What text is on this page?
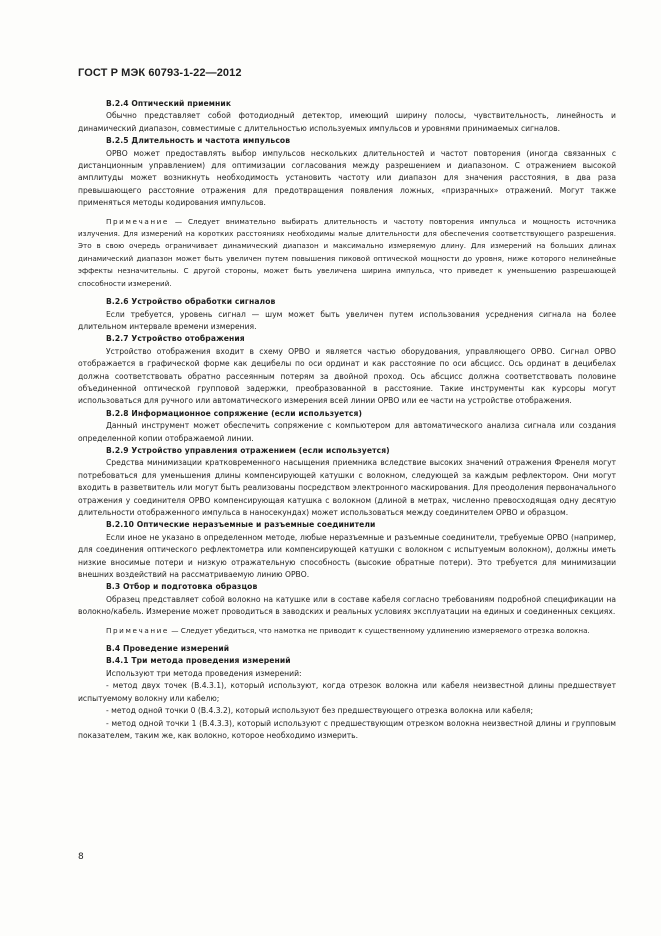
ГОСТ Р МЭК 60793-1-22—2012

B.2.4 Оптический приемник

Обычно представляет собой фотодиодный детектор, имеющий ширину полосы, чувствительность, линейность и динамический диапазон, совместимые с длительностью используемых импульсов и уровнями принимаемых сигналов.

B.2.5 Длительность и частота импульсов

ОРВО может предоставлять выбор импульсов нескольких длительностей и частот повторения (иногда связанных с дистанционным управлением) для оптимизации согласования между разрешением и диапазоном. С отражением высокой амплитуды может возникнуть необходимость установить частоту или диапазон для значения расстояния, в два раза превышающего расстояние отражения для предотвращения появления ложных, «призрачных» отражений. Могут также применяться методы кодирования импульсов.

Примечание — Следует внимательно выбирать длительность и частоту повторения импульса и мощность источника излучения. Для измерений на коротких расстояниях необходимы малые длительности для обеспечения соответствующего разрешения. Это в свою очередь ограничивает динамический диапазон и максимально измеряемую длину. Для измерений на больших длинах динамический диапазон может быть увеличен путем повышения пиковой оптической мощности до уровня, ниже которого нелинейные эффекты незначительны. С другой стороны, может быть увеличена ширина импульса, что приведет к уменьшению разрешающей способности измерений.

B.2.6 Устройство обработки сигналов

Если требуется, уровень сигнал — шум может быть увеличен путем использования усреднения сигнала на более длительном интервале времени измерения.

B.2.7 Устройство отображения

Устройство отображения входит в схему ОРВО и является частью оборудования, управляющего ОРВО. Сигнал ОРВО отображается в графической форме как децибелы по оси ординат и как расстояние по оси абсцисс. Ось ординат в децибелах должна соответствовать обратно рассеянным потерям за двойной проход. Ось абсцисс должна соответствовать половине объединенной оптической групповой задержки, преобразованной в расстояние. Такие инструменты как курсоры могут использоваться для ручного или автоматического измерения всей линии ОРВО или ее части на устройстве отображения.

B.2.8 Информационное сопряжение (если используется)

Данный инструмент может обеспечить сопряжение с компьютером для автоматического анализа сигнала или создания определенной копии отображаемой линии.

B.2.9 Устройство управления отражением (если используется)

Средства минимизации кратковременного насыщения приемника вследствие высоких значений отражения Френеля могут потребоваться для уменьшения длины компенсирующей катушки с волокном, следующей за каждым рефлектором. Они могут входить в разветвитель или могут быть реализованы посредством электронного маскирования. Для преодоления первоначального отражения у соединителя ОРВО компенсирующая катушка с волокном (длиной в метрах, численно превосходящая одну десятую длительности отображенного импульса в наносекундах) может использоваться между соединителем ОРВО и образцом.

B.2.10 Оптические неразъемные и разъемные соединители

Если иное не указано в определенном методе, любые неразъемные и разъемные соединители, требуемые ОРВО (например, для соединения оптического рефлектометра или компенсирующей катушки с волокном с испытуемым волокном), должны иметь низкие вносимые потери и низкую отражательную способность (высокие обратные потери). Это требуется для минимизации внешних воздействий на рассматриваемую линию ОРВО.

B.3 Отбор и подготовка образцов

Образец представляет собой волокно на катушке или в составе кабеля согласно требованиям подробной спецификации на волокно/кабель. Измерение может проводиться в заводских и реальных условиях эксплуатации на единых и соединенных секциях.

Примечание — Следует убедиться, что намотка не приводит к существенному удлинению измеряемого отрезка волокна.

B.4 Проведение измерений

B.4.1 Три метода проведения измерений

Используют три метода проведения измерений:

- метод двух точек (B.4.3.1), который используют, когда отрезок волокна или кабеля неизвестной длины предшествует испытуемому волокну или кабелю;

- метод одной точки 0 (B.4.3.2), который используют без предшествующего отрезка волокна или кабеля;

- метод одной точки 1 (B.4.3.3), который используют с предшествующим отрезком волокна неизвестной длины и групповым показателем, таким же, как волокно, которое необходимо измерить.

8
